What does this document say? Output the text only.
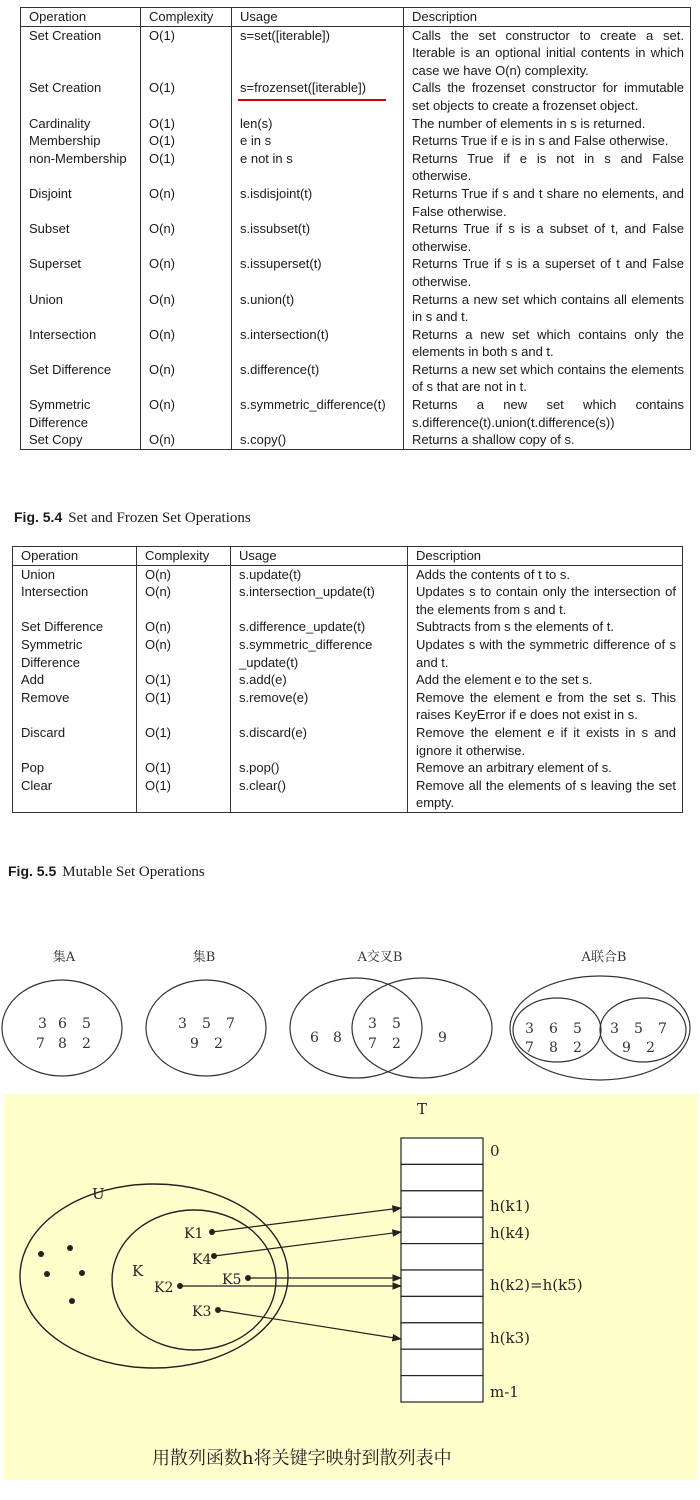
Operation	Complexity	Usage	Description
Set Creation	O(1)	s=set([iterable])	Calls the set constructor to create a set. Iterable is an optional initial contents in which case we have O(n) complexity.
Set Creation	O(1)	s=frozenset([iterable])	Calls the frozenset constructor for immutable set objects to create a frozenset object.
Cardinality	O(1)	len(s)	The number of elements in s is returned.
Membership	O(1)	e in s	Returns True if e is in s and False otherwise.
non-Membership	O(1)	e not in s	Returns True if e is not in s and False otherwise.
Disjoint	O(n)	s.isdisjoint(t)	Returns True if s and t share no elements, and False otherwise.
Subset	O(n)	s.issubset(t)	Returns True if s is a subset of t, and False otherwise.
Superset	O(n)	s.issuperset(t)	Returns True if s is a superset of t and False otherwise.
Union	O(n)	s.union(t)	Returns a new set which contains all elements in s and t.
Intersection	O(n)	s.intersection(t)	Returns a new set which contains only the elements in both s and t.
Set Difference	O(n)	s.difference(t)	Returns a new set which contains the elements of s that are not in t.
Symmetric Difference	O(n)	s.symmetric_difference(t)	Returns a new set which contains s.difference(t).union(t.difference(s))
Set Copy	O(n)	s.copy()	Returns a shallow copy of s.
Fig. 5.4 Set and Frozen Set Operations
Operation	Complexity	Usage	Description
Union	O(n)	s.update(t)	Adds the contents of t to s.
Intersection	O(n)	s.intersection_update(t)	Updates s to contain only the intersection of the elements from s and t.
Set Difference	O(n)	s.difference_update(t)	Subtracts from s the elements of t.
Symmetric Difference	O(n)	s.symmetric_difference _update(t)	Updates s with the symmetric difference of s and t.
Add	O(1)	s.add(e)	Add the element e to the set s.
Remove	O(1)	s.remove(e)	Remove the element e from the set s. This raises KeyError if e does not exist in s.
Discard	O(1)	s.discard(e)	Remove the element e if it exists in s and ignore it otherwise.
Pop	O(1)	s.pop()	Remove an arbitrary element of s.
Clear	O(1)	s.clear()	Remove all the elements of s leaving the set empty.
Fig. 5.5 Mutable Set Operations
集A	集B	A交叉B	A联合B
3 6 5
7 8 2
3 5 7
9 2	6 8
3 5
7 2	9
3 6 5
7 8 2
3 5 7
9 2
T
U
K
K1
K4
K5
K2
K3
0
h(k1)
h(k4)
h(k2)=h(k5)
h(k3)
m-1
用散列函数h将关键字映射到散列表中
